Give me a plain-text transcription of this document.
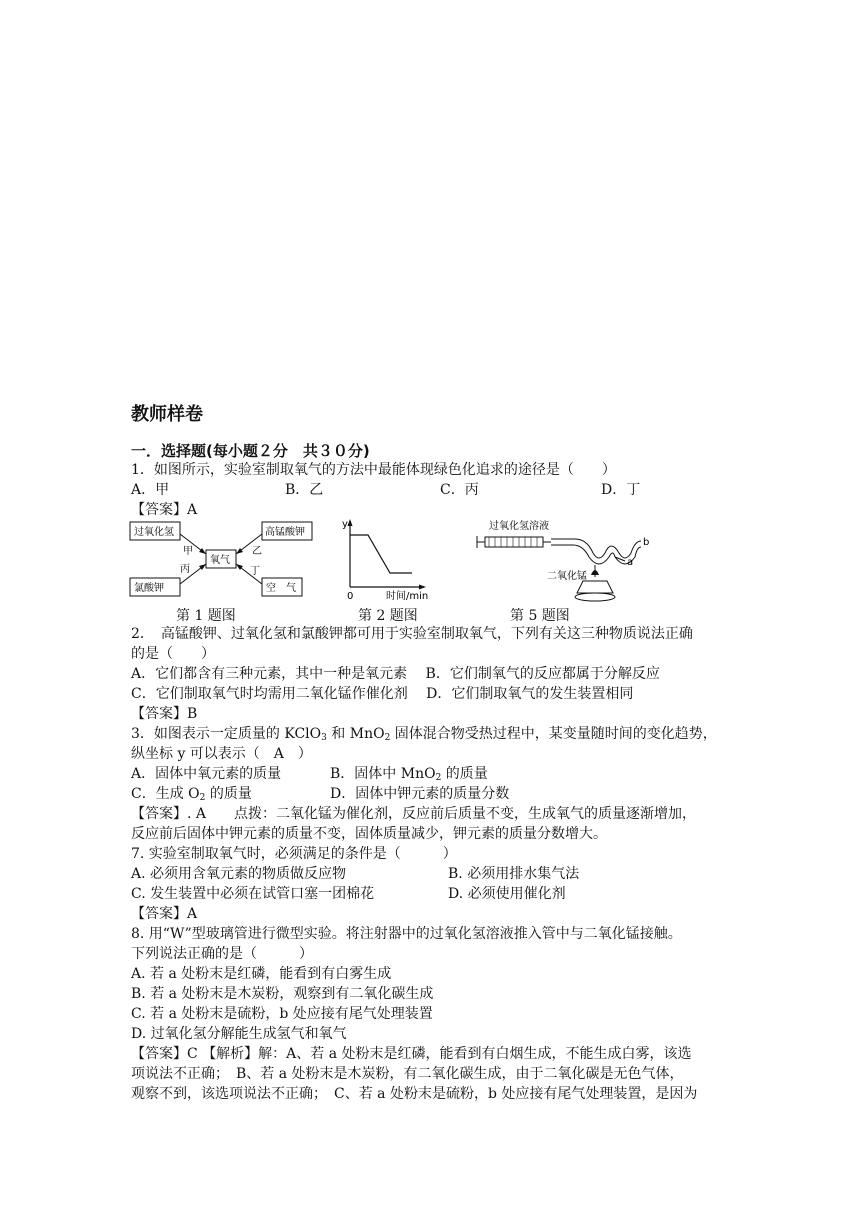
教师样卷
一．选择题(每小题２分　共３０分)
1．如图所示，实验室制取氧气的方法中最能体现绿色化追求的途径是（　　）
A．甲	B．乙	C．丙	D．丁
【答案】A
过氧化氢	高锰酸钾
氯酸钾	空　气
氧气
甲
丙
乙
丁
y
0	时间/min
过氧化氢溶液
二氧化锰
a
b
第 1 题图	第 2 题图	第 5 题图
2．　高锰酸钾、过氧化氢和氯酸钾都可用于实验室制取氧气，下列有关这三种物质说法正确
的是（　　）
A．它们都含有三种元素，其中一种是氧元素　 B．它们制氧气的反应都属于分解反应
C．它们制取氧气时均需用二氧化锰作催化剂　 D．它们制取氧气的发生装置相同
【答案】B
3．如图表示一定质量的 KClO$_3$ 和 MnO$_2$ 固体混合物受热过程中，某变量随时间的变化趋势，
纵坐标 y 可以表示（　A　）
A．固体中氧元素的质量	B．固体中 MnO$_2$ 的质量
C．生成 $O_2$ 的质量	D．固体中钾元素的质量分数
【答案】. A　　点拨：二氧化锰为催化剂，反应前后质量不变，生成氧气的质量逐渐增加，
反应前后固体中钾元素的质量不变，固体质量减少，钾元素的质量分数增大。
7. 实验室制取氧气时，必须满足的条件是（　　　）
A. 必须用含氧元素的物质做反应物	B. 必须用排水集气法
C. 发生装置中必须在试管口塞一团棉花	D. 必须使用催化剂
【答案】A
8. 用“W”型玻璃管进行微型实验。将注射器中的过氧化氢溶液推入管中与二氧化锰接触。
下列说法正确的是（　　　）
A. 若 a 处粉末是红磷，能看到有白雾生成
B. 若 a 处粉末是木炭粉，观察到有二氧化碳生成
C. 若 a 处粉末是硫粉，b 处应接有尾气处理装置
D. 过氧化氢分解能生成氢气和氧气
【答案】C 【解析】解：A、若 a 处粉末是红磷，能看到有白烟生成，不能生成白雾，该选
项说法不正确；　B、若 a 处粉末是木炭粉，有二氧化碳生成，由于二氧化碳是无色气体，
观察不到，该选项说法不正确；　C、若 a 处粉末是硫粉，b 处应接有尾气处理装置，是因为
